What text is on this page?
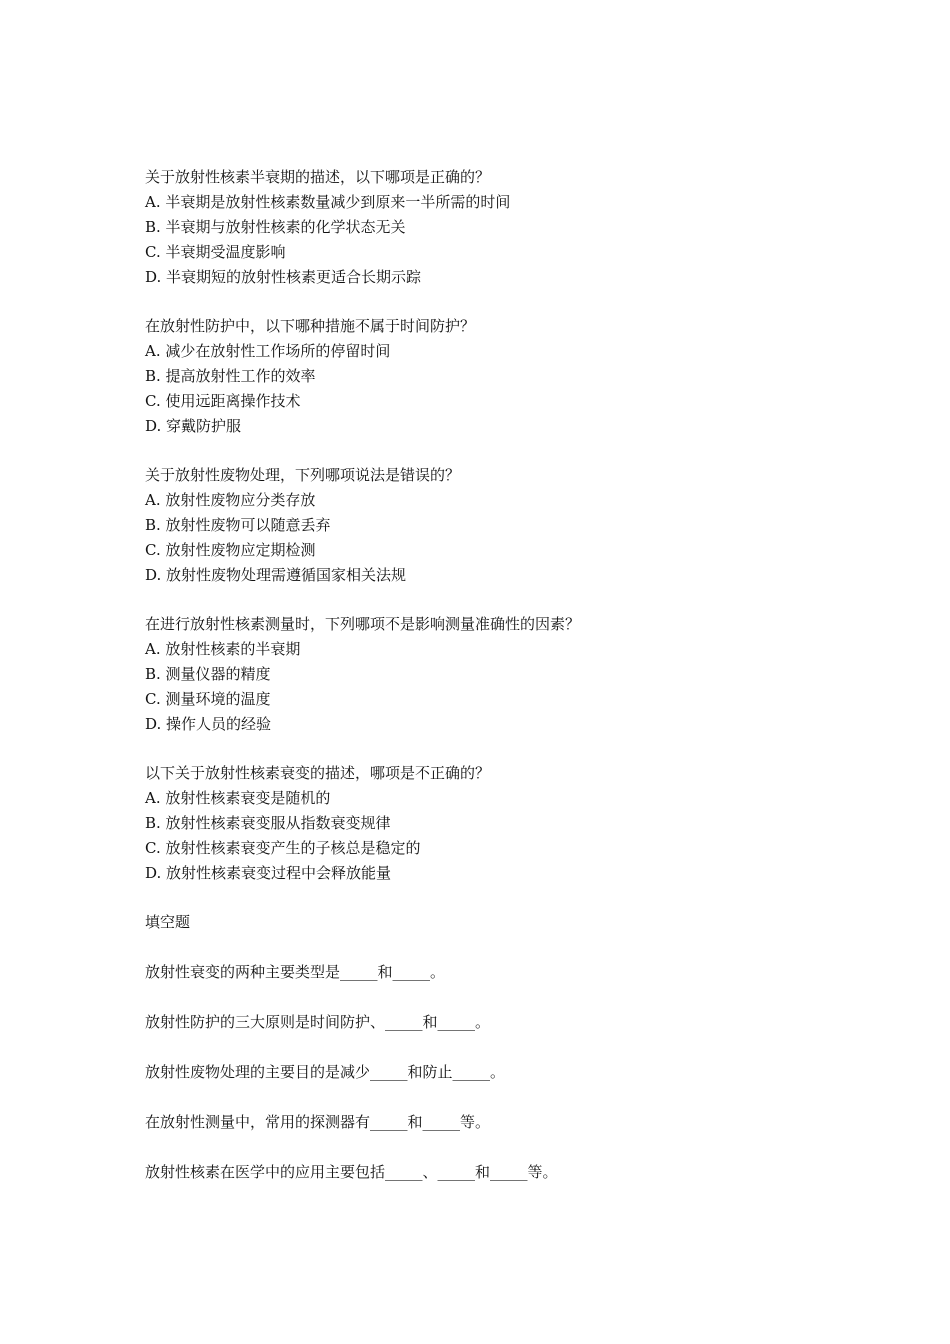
关于放射性核素半衰期的描述，以下哪项是正确的？
A. 半衰期是放射性核素数量减少到原来一半所需的时间
B. 半衰期与放射性核素的化学状态无关
C. 半衰期受温度影响
D. 半衰期短的放射性核素更适合长期示踪
在放射性防护中，以下哪种措施不属于时间防护？
A. 减少在放射性工作场所的停留时间
B. 提高放射性工作的效率
C. 使用远距离操作技术
D. 穿戴防护服
关于放射性废物处理，下列哪项说法是错误的？
A. 放射性废物应分类存放
B. 放射性废物可以随意丢弃
C. 放射性废物应定期检测
D. 放射性废物处理需遵循国家相关法规
在进行放射性核素测量时，下列哪项不是影响测量准确性的因素？
A. 放射性核素的半衰期
B. 测量仪器的精度
C. 测量环境的温度
D. 操作人员的经验
以下关于放射性核素衰变的描述，哪项是不正确的？
A. 放射性核素衰变是随机的
B. 放射性核素衰变服从指数衰变规律
C. 放射性核素衰变产生的子核总是稳定的
D. 放射性核素衰变过程中会释放能量
填空题
放射性衰变的两种主要类型是_____和_____。
放射性防护的三大原则是时间防护、_____和_____。
放射性废物处理的主要目的是减少_____和防止_____。
在放射性测量中，常用的探测器有_____和_____等。
放射性核素在医学中的应用主要包括_____、_____和_____等。
